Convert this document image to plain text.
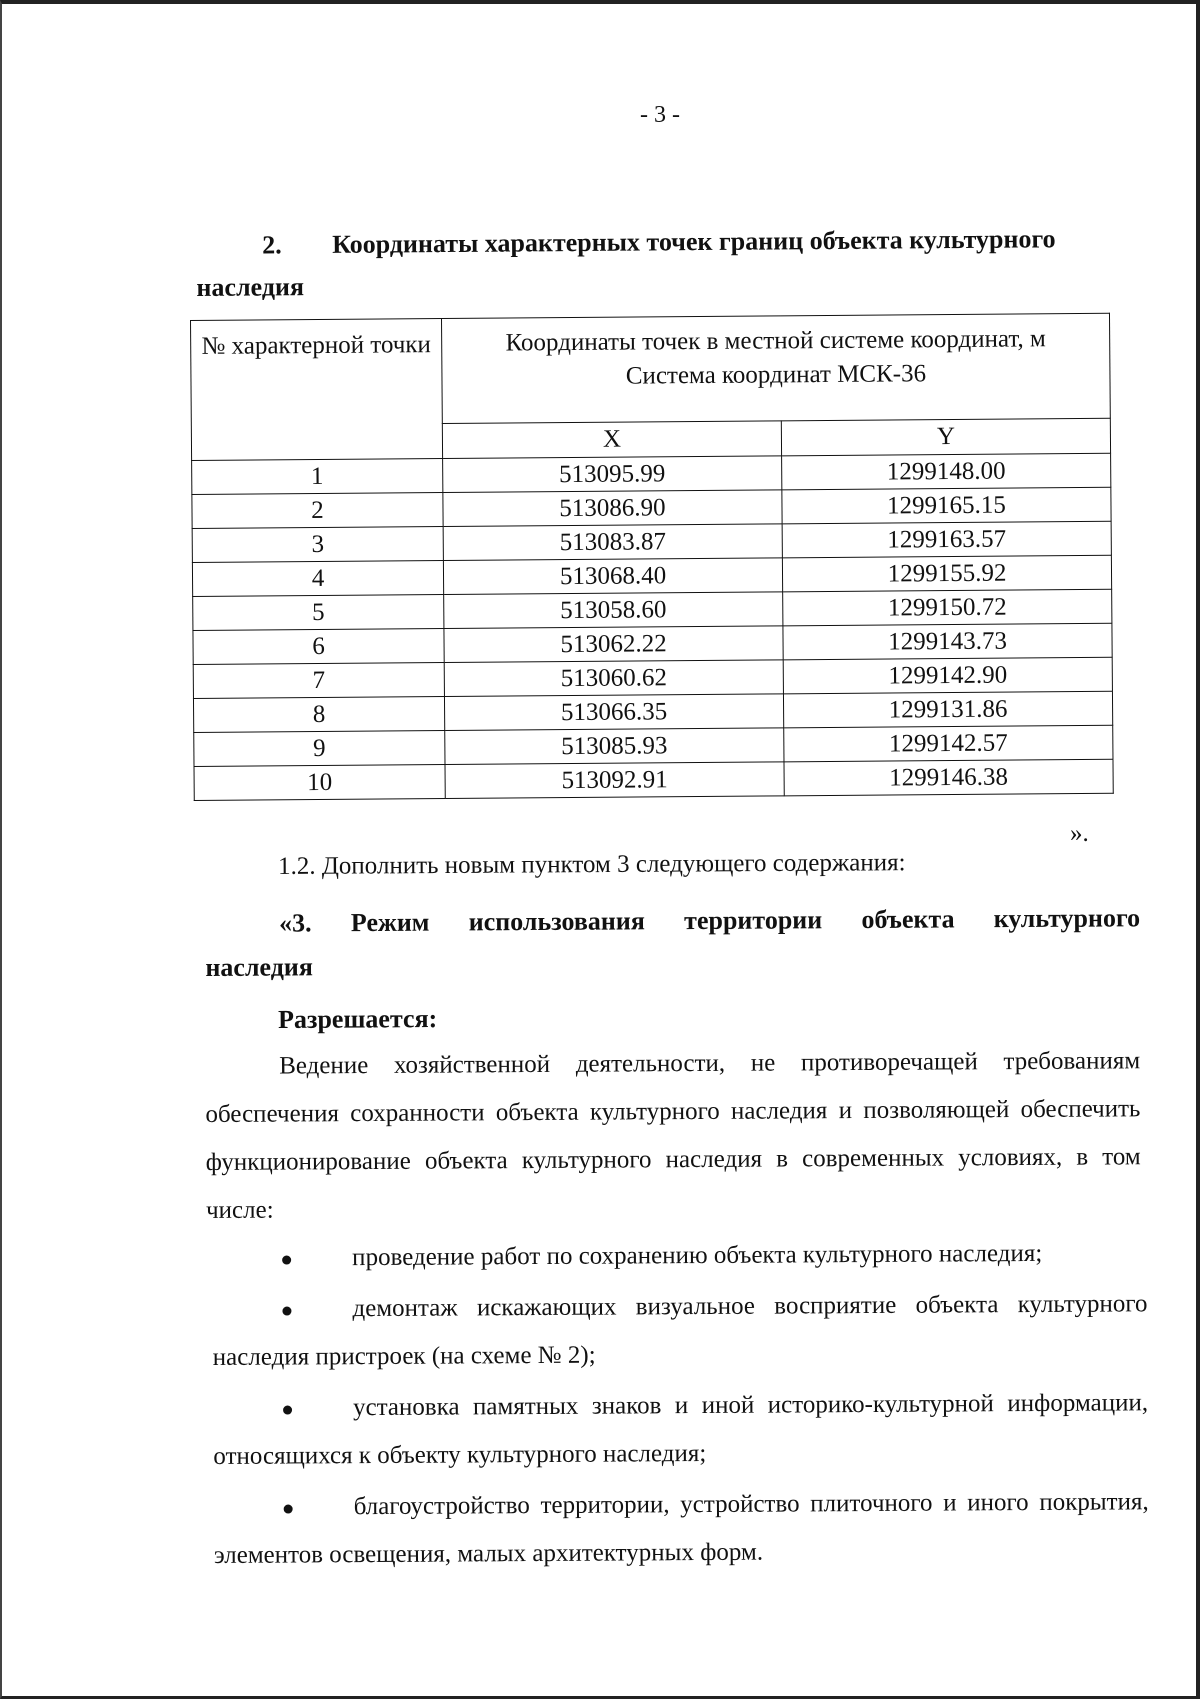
- 3 -
2. Координаты характерных точек границ объекта культурного наследия
№ характерной точки	Координаты точек в местной системе координат, м
Система координат МСК-36	

	X	Y
1	513095.99	1299148.00
2	513086.90	1299165.15
3	513083.87	1299163.57
4	513068.40	1299155.92
5	513058.60	1299150.72
6	513062.22	1299143.73
7	513060.62	1299142.90
8	513066.35	1299131.86
9	513085.93	1299142.57
10	513092.91	1299146.38
».
1.2. Дополнить новым пунктом 3 следующего содержания:
«3. Режим использования территории объекта культурного
наследия
Разрешается:
Ведение хозяйственной деятельности, не противоречащей требованиям обеспечения сохранности объекта культурного наследия и позволяющей обеспечить функционирование объекта культурного наследия в современных условиях, в том числе:
проведение работ по сохранению объекта культурного наследия;
демонтаж искажающих визуальное восприятие объекта культурного наследия пристроек (на схеме № 2);
установка памятных знаков и иной историко-культурной информации, относящихся к объекту культурного наследия;
благоустройство территории, устройство плиточного и иного покрытия, элементов освещения, малых архитектурных форм.
